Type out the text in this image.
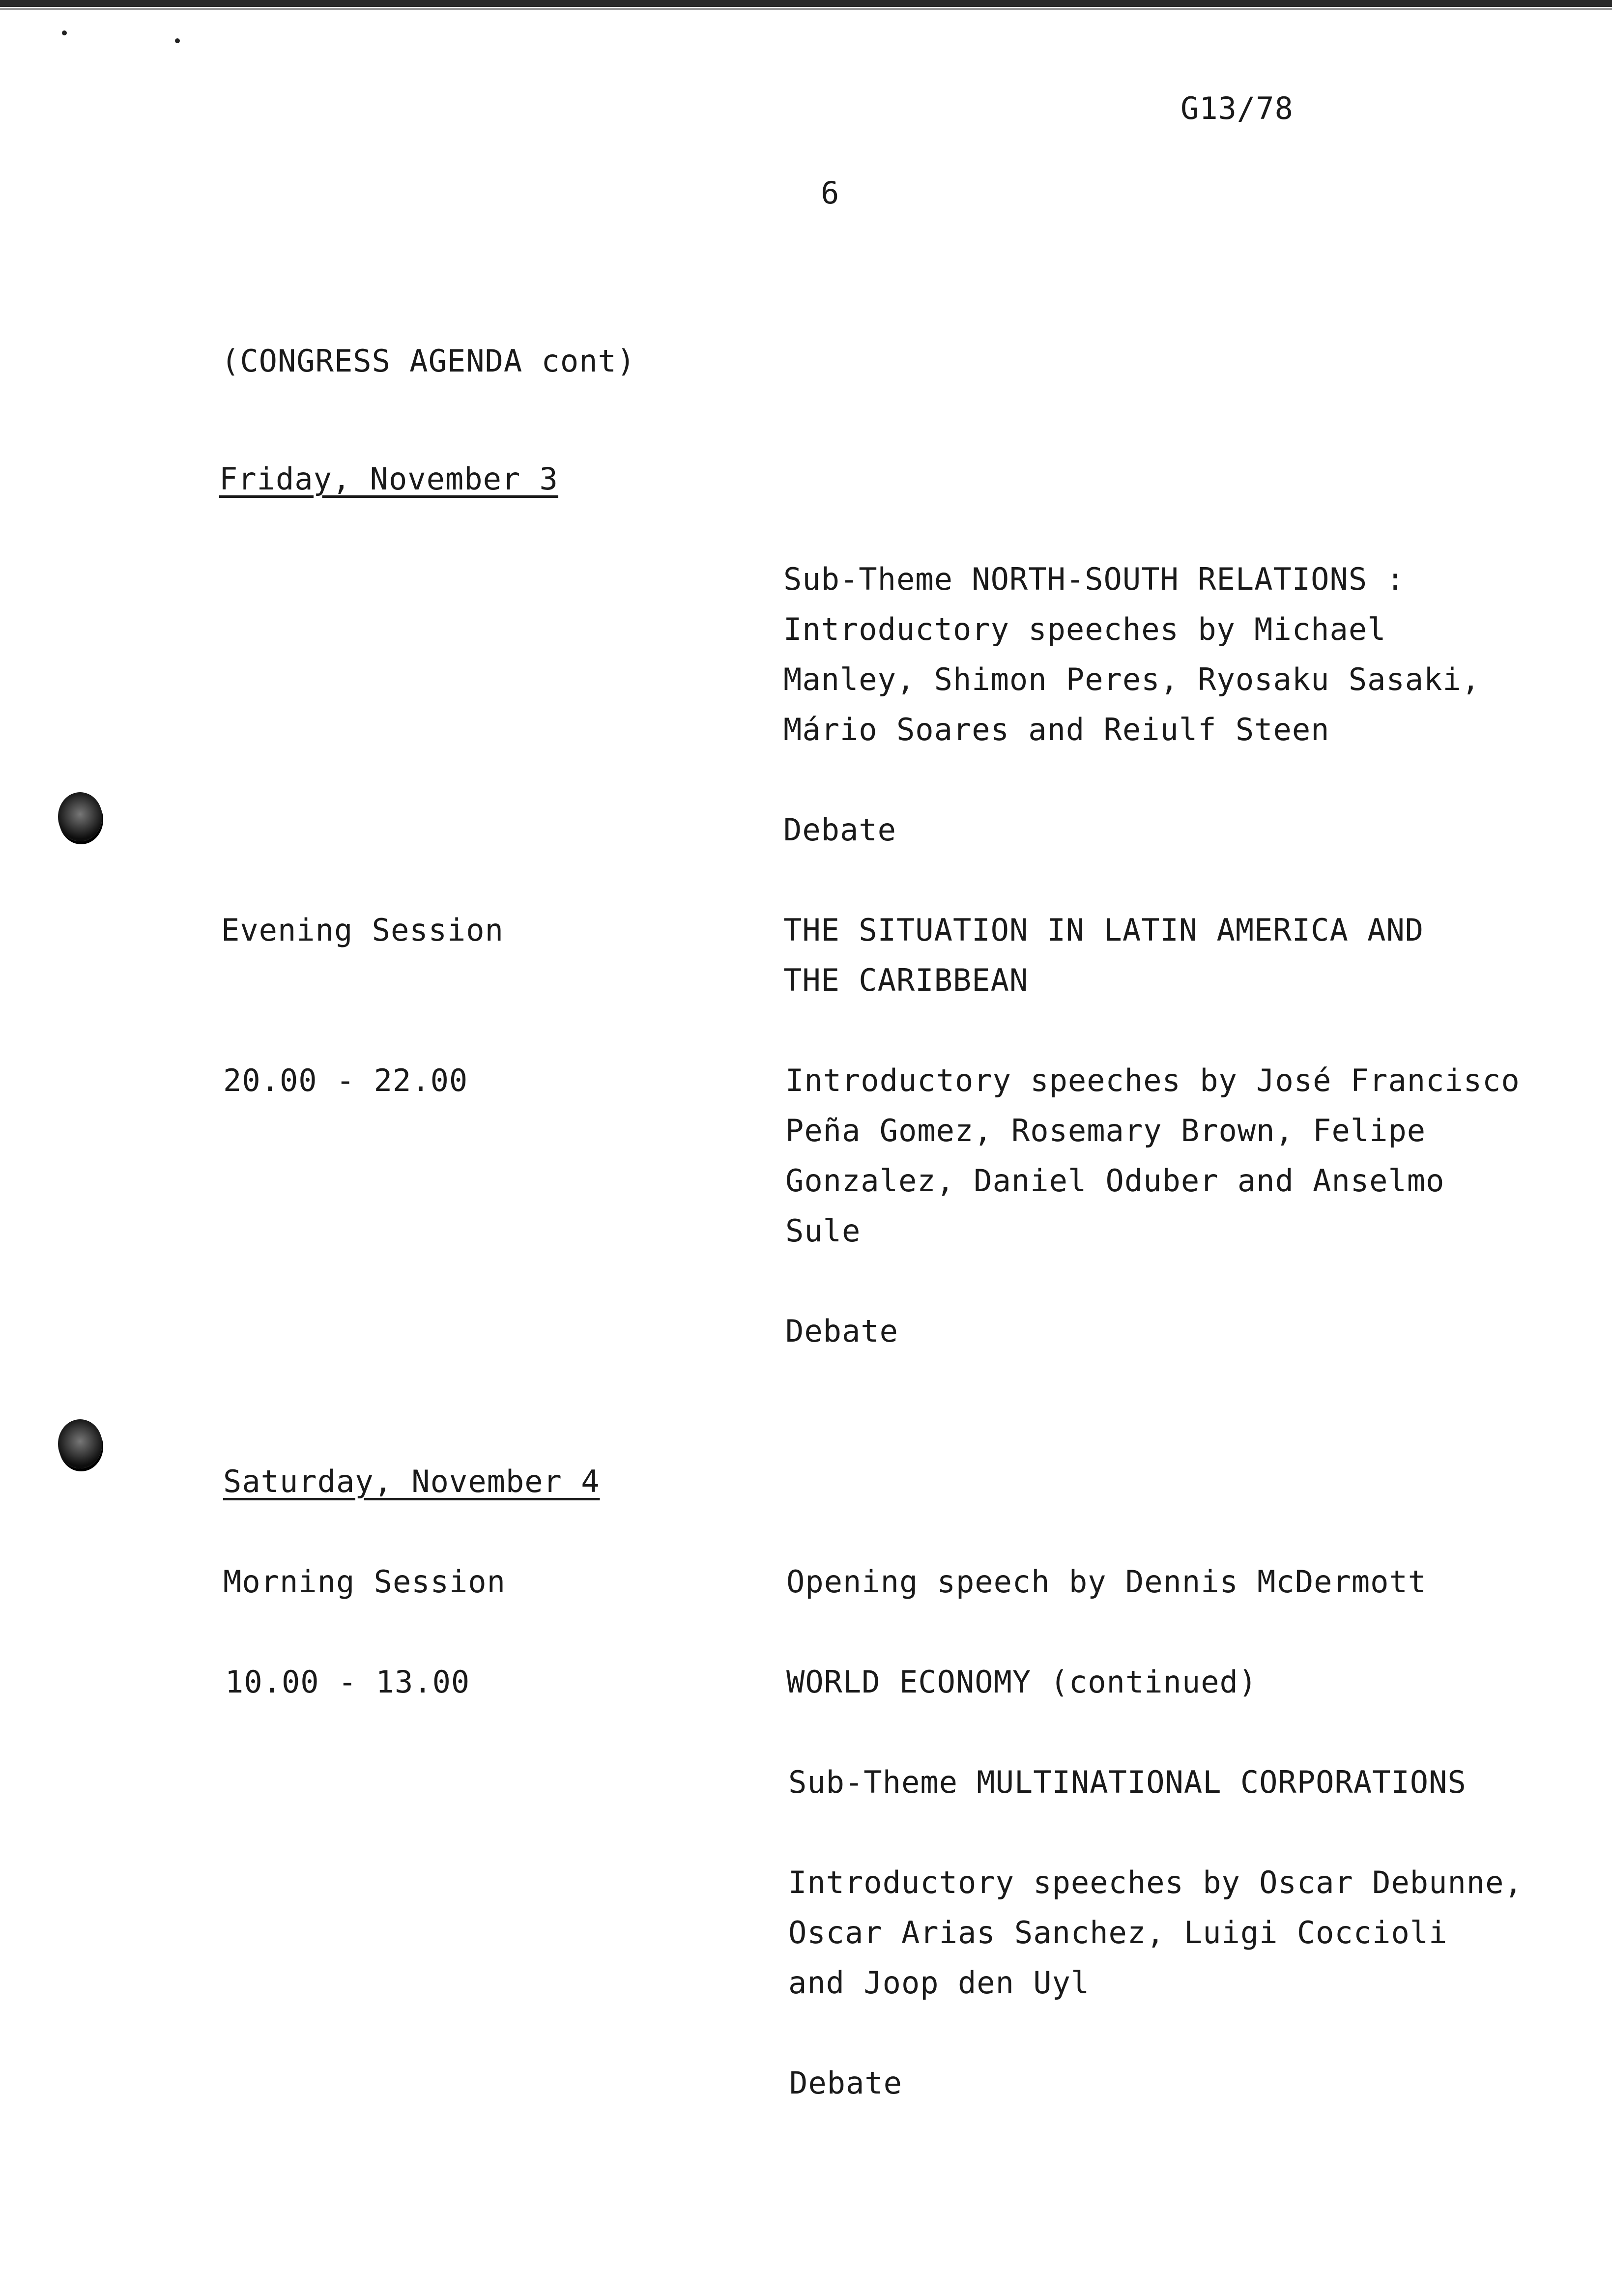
G13/78
6
(CONGRESS AGENDA cont)
Friday, November 3
Sub-Theme NORTH-SOUTH RELATIONS :
Introductory speeches by Michael
Manley, Shimon Peres, Ryosaku Sasaki,
Mário Soares and Reiulf Steen
Debate
Evening Session	THE SITUATION IN LATIN AMERICA AND
THE CARIBBEAN
20.00 - 22.00	Introductory speeches by José Francisco
Peña Gomez, Rosemary Brown, Felipe
Gonzalez, Daniel Oduber and Anselmo
Sule
Debate
Saturday, November 4
Morning Session	Opening speech by Dennis McDermott
10.00 - 13.00	WORLD ECONOMY (continued)
Sub-Theme MULTINATIONAL CORPORATIONS
Introductory speeches by Oscar Debunne,
Oscar Arias Sanchez, Luigi Coccioli
and Joop den Uyl
Debate
